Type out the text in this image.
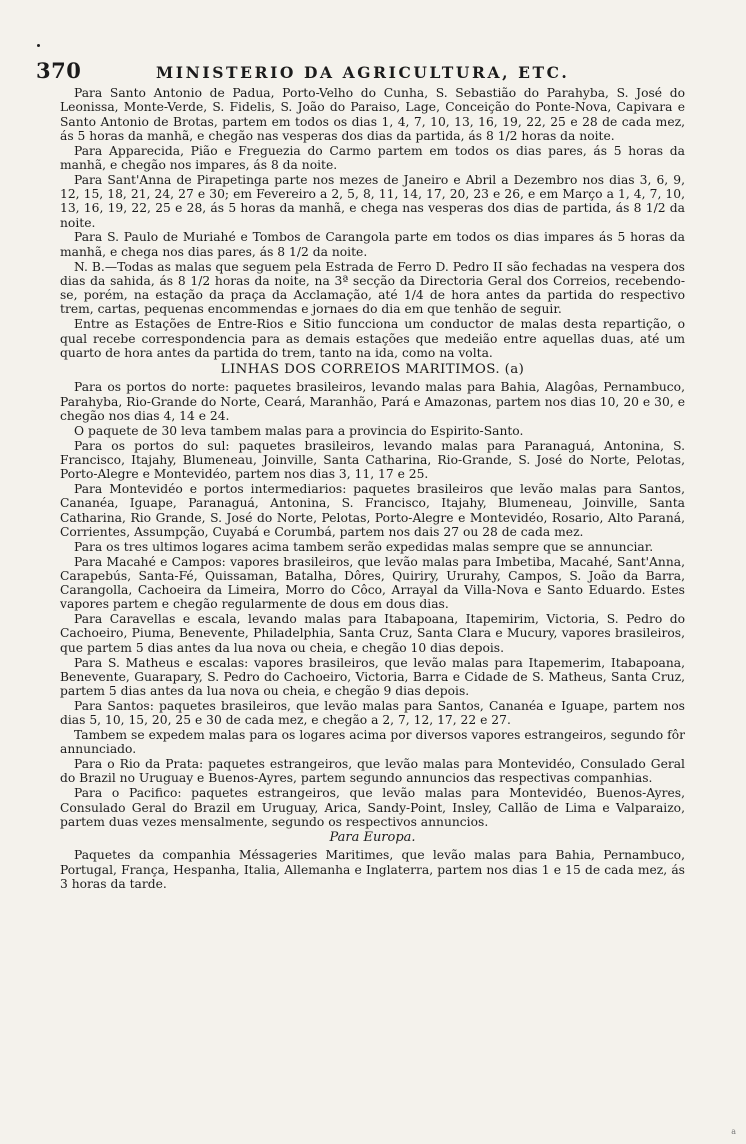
370	MINISTERIO DA AGRICULTURA, ETC.

Para Santo Antonio de Padua, Porto-Velho do Cunha, S. Sebastião do Parahyba, S. José do Leonissa, Monte-Verde, S. Fidelis, S. João do Paraiso, Lage, Conceição do Ponte-Nova, Capivara e Santo Antonio de Brotas, partem em todos os dias 1, 4, 7, 10, 13, 16, 19, 22, 25 e 28 de cada mez, ás 5 horas da manhã, e chegão nas vesperas dos dias da partida, ás 8 1/2 horas da noite.

Para Apparecida, Pião e Freguezia do Carmo partem em todos os dias pares, ás 5 horas da manhã, e chegão nos impares, ás 8 da noite.

Para Sant'Anna de Pirapetinga parte nos mezes de Janeiro e Abril a Dezembro nos dias 3, 6, 9, 12, 15, 18, 21, 24, 27 e 30; em Fevereiro a 2, 5, 8, 11, 14, 17, 20, 23 e 26, e em Março a 1, 4, 7, 10, 13, 16, 19, 22, 25 e 28, ás 5 horas da manhã, e chega nas vesperas dos dias de partida, ás 8 1/2 da noite.

Para S. Paulo de Muriahé e Tombos de Carangola parte em todos os dias impares ás 5 horas da manhã, e chega nos dias pares, ás 8 1/2 da noite.

N. B.—Todas as malas que seguem pela Estrada de Ferro D. Pedro II são fechadas na vespera dos dias da sahida, ás 8 1/2 horas da noite, na 3ª secção da Directoria Geral dos Correios, recebendo-se, porém, na estação da praça da Acclamação, até 1/4 de hora antes da partida do respectivo trem, cartas, pequenas encommendas e jornaes do dia em que tenhão de seguir.

Entre as Estações de Entre-Rios e Sitio funcciona um conductor de malas desta repartição, o qual recebe correspondencia para as demais estações que medeião entre aquellas duas, até um quarto de hora antes da partida do trem, tanto na ida, como na volta.

LINHAS DOS CORREIOS MARITIMOS. (a)

Para os portos do norte: paquetes brasileiros, levando malas para Bahia, Alagôas, Pernambuco, Parahyba, Rio-Grande do Norte, Ceará, Maranhão, Pará e Amazonas, partem nos dias 10, 20 e 30, e chegão nos dias 4, 14 e 24.

O paquete de 30 leva tambem malas para a provincia do Espirito-Santo.

Para os portos do sul: paquetes brasileiros, levando malas para Paranaguá, Antonina, S. Francisco, Itajahy, Blumeneau, Joinville, Santa Catharina, Rio-Grande, S. José do Norte, Pelotas, Porto-Alegre e Montevidéo, partem nos dias 3, 11, 17 e 25.

Para Montevidéo e portos intermediarios: paquetes brasileiros que levão malas para Santos, Cananéa, Iguape, Paranaguá, Antonina, S. Francisco, Itajahy, Blumeneau, Joinville, Santa Catharina, Rio Grande, S. José do Norte, Pelotas, Porto-Alegre e Montevidéo, Rosario, Alto Paraná, Corrientes, Assumpção, Cuyabá e Corumbá, partem nos dais 27 ou 28 de cada mez.

Para os tres ultimos logares acima tambem serão expedidas malas sempre que se annunciar.

Para Macahé e Campos: vapores brasileiros, que levão malas para Imbetiba, Macahé, Sant'Anna, Carapebús, Santa-Fé, Quissaman, Batalha, Dôres, Quiriry, Ururahy, Campos, S. João da Barra, Carangolla, Cachoeira da Limeira, Morro do Côco, Arrayal da Villa-Nova e Santo Eduardo. Estes vapores partem e chegão regularmente de dous em dous dias.

Para Caravellas e escala, levando malas para Itabapoana, Itapemirim, Victoria, S. Pedro do Cachoeiro, Piuma, Benevente, Philadelphia, Santa Cruz, Santa Clara e Mucury, vapores brasileiros, que partem 5 dias antes da lua nova ou cheia, e chegão 10 dias depois.

Para S. Matheus e escalas: vapores brasileiros, que levão malas para Itapemerim, Itabapoana, Benevente, Guarapary, S. Pedro do Cachoeiro, Victoria, Barra e Cidade de S. Matheus, Santa Cruz, partem 5 dias antes da lua nova ou cheia, e chegão 9 dias depois.

Para Santos: paquetes brasileiros, que levão malas para Santos, Cananéa e Iguape, partem nos dias 5, 10, 15, 20, 25 e 30 de cada mez, e chegão a 2, 7, 12, 17, 22 e 27.

Tambem se expedem malas para os logares acima por diversos vapores estrangeiros, segundo fôr annunciado.

Para o Rio da Prata: paquetes estrangeiros, que levão malas para Montevidéo, Consulado Geral do Brazil no Uruguay e Buenos-Ayres, partem segundo annuncios das respectivas companhias.

Para o Pacifico: paquetes estrangeiros, que levão malas para Montevidéo, Buenos-Ayres, Consulado Geral do Brazil em Uruguay, Arica, Sandy-Point, Insley, Callão de Lima e Valparaizo, partem duas vezes mensalmente, segundo os respectivos annuncios.

Para Europa.

Paquetes da companhia Méssageries Maritimes, que levão malas para Bahia, Pernambuco, Portugal, França, Hespanha, Italia, Allemanha e Inglaterra, partem nos dias 1 e 15 de cada mez, ás 3 horas da tarde.

a
